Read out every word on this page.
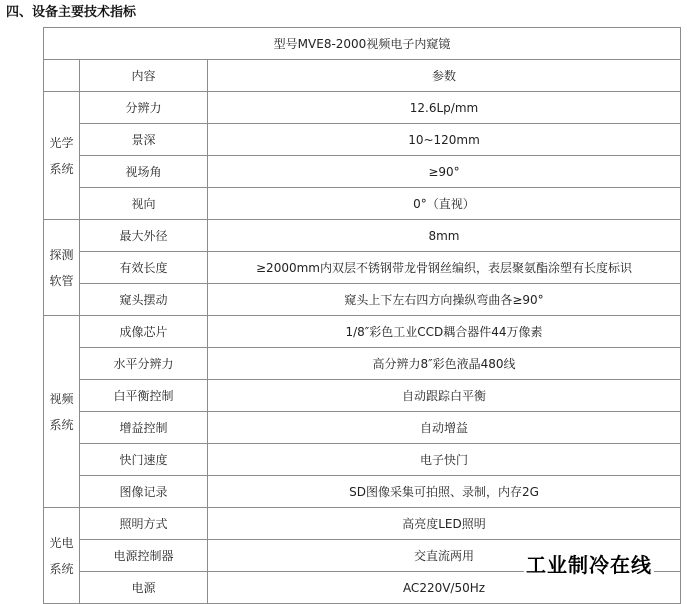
四、设备主要技术指标
型号MVE8-2000视频电子内窥镜		
	内容	参数

光学
系统	分辨力	12.6Lp/mm
	景深	10~120mm
	视场角	≥90°
	视向	0°（直视）

探测
软管	最大外径	8mm
	有效长度	≥2000mm内双层不锈钢带龙骨钢丝编织，表层聚氨酯涂塑有长度标识
	窥头摆动	窥头上下左右四方向操纵弯曲各≥90°

视频
系统	成像芯片	1/8″彩色工业CCD耦合器件44万像素
	水平分辨力	高分辨力8″彩色液晶480线
	白平衡控制	自动跟踪白平衡
	增益控制	自动增益
	快门速度	电子快门
	图像记录	SD图像采集可拍照、录制，内存2G

光电
系统	照明方式	高亮度LED照明
	电源控制器	交直流两用
	电源	AC220V/50Hz
工业制冷在线
